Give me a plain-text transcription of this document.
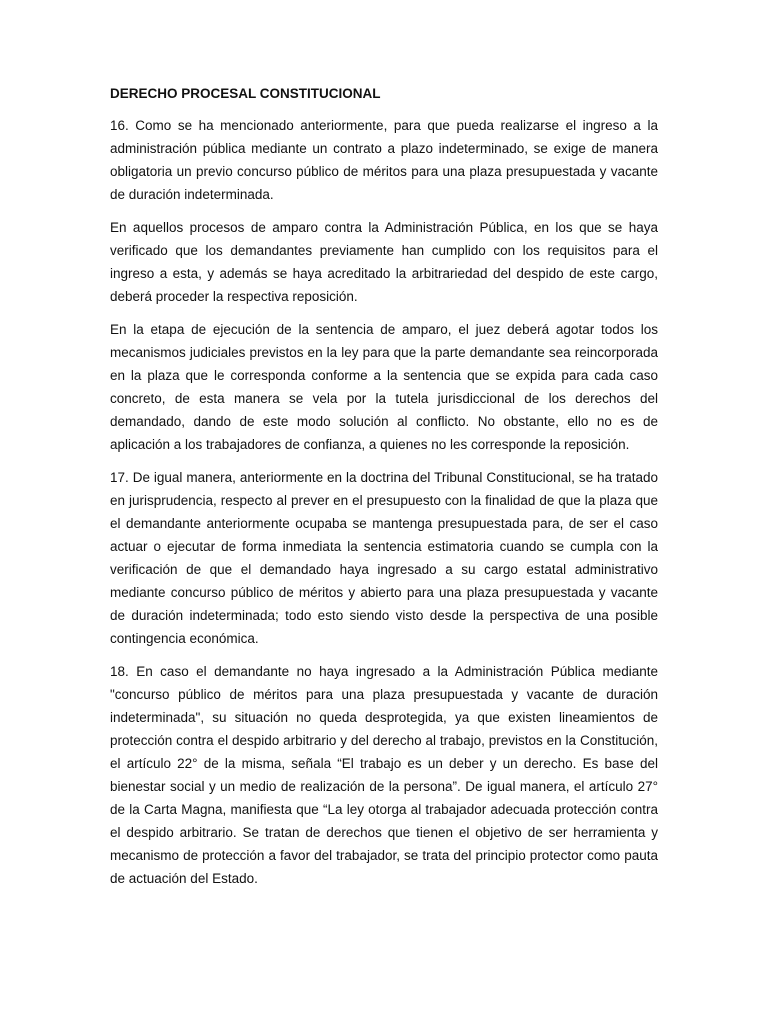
DERECHO PROCESAL CONSTITUCIONAL

16. Como se ha mencionado anteriormente, para que pueda realizarse el ingreso a la administración pública mediante un contrato a plazo indeterminado, se exige de manera obligatoria un previo concurso público de méritos para una plaza presupuestada y vacante de duración indeterminada.

En aquellos procesos de amparo contra la Administración Pública, en los que se haya verificado que los demandantes previamente han cumplido con los requisitos para el ingreso a esta, y además se haya acreditado la arbitrariedad del despido de este cargo, deberá proceder la respectiva reposición.

En la etapa de ejecución de la sentencia de amparo, el juez deberá agotar todos los mecanismos judiciales previstos en la ley para que la parte demandante sea reincorporada en la plaza que le corresponda conforme a la sentencia que se expida para cada caso concreto, de esta manera se vela por la tutela jurisdiccional de los derechos del demandado, dando de este modo solución al conflicto. No obstante, ello no es de aplicación a los trabajadores de confianza, a quienes no les corresponde la reposición.

17. De igual manera, anteriormente en la doctrina del Tribunal Constitucional, se ha tratado en jurisprudencia, respecto al prever en el presupuesto con la finalidad de que la plaza que el demandante anteriormente ocupaba se mantenga presupuestada para, de ser el caso actuar o ejecutar de forma inmediata la sentencia estimatoria cuando se cumpla con la verificación de que el demandado haya ingresado a su cargo estatal administrativo mediante concurso público de méritos y abierto para una plaza presupuestada y vacante de duración indeterminada; todo esto siendo visto desde la perspectiva de una posible contingencia económica.

18. En caso el demandante no haya ingresado a la Administración Pública mediante "concurso público de méritos para una plaza presupuestada y vacante de duración indeterminada", su situación no queda desprotegida, ya que existen lineamientos de protección contra el despido arbitrario y del derecho al trabajo, previstos en la Constitución, el artículo 22° de la misma, señala “El trabajo es un deber y un derecho. Es base del bienestar social y un medio de realización de la persona”. De igual manera, el artículo 27° de la Carta Magna, manifiesta que “La ley otorga al trabajador adecuada protección contra el despido arbitrario. Se tratan de derechos que tienen el objetivo de ser herramienta y mecanismo de protección a favor del trabajador, se trata del principio protector como pauta de actuación del Estado.
